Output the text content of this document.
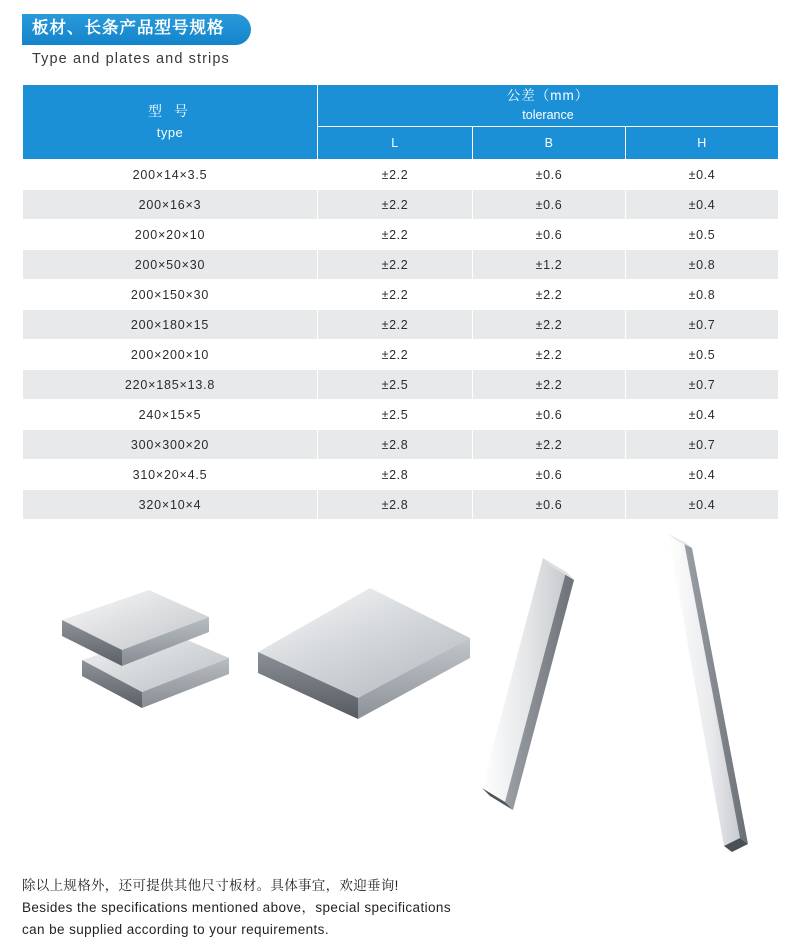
板材、长条产品型号规格
Type and plates and strips
型 号
type	公差（mm）
tolerance		

	L	B	H
200×14×3.5	±2.2	±0.6	±0.4
200×16×3	±2.2	±0.6	±0.4
200×20×10	±2.2	±0.6	±0.5
200×50×30	±2.2	±1.2	±0.8
200×150×30	±2.2	±2.2	±0.8
200×180×15	±2.2	±2.2	±0.7
200×200×10	±2.2	±2.2	±0.5
220×185×13.8	±2.5	±2.2	±0.7
240×15×5	±2.5	±0.6	±0.4
300×300×20	±2.8	±2.2	±0.7
310×20×4.5	±2.8	±0.6	±0.4
320×10×4	±2.8	±0.6	±0.4
除以上规格外，还可提供其他尺寸板材。具体事宜，欢迎垂询!
Besides the specifications mentioned above，special specifications
can be supplied according to your requirements.
